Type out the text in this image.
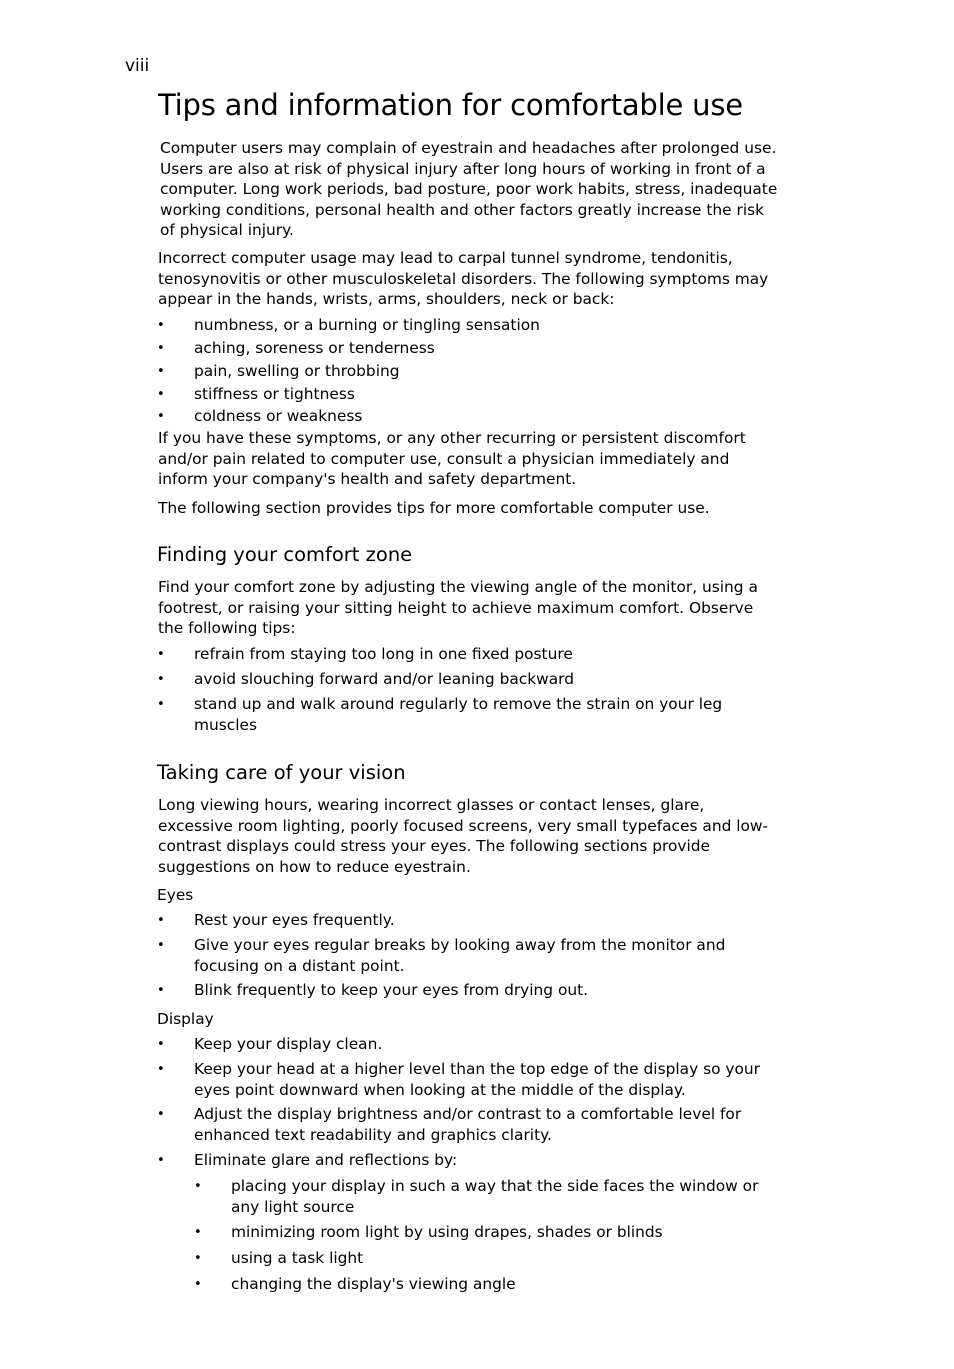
viii
Tips and information for comfortable use

Computer users may complain of eyestrain and headaches after prolonged use. Users are also at risk of physical injury after long hours of working in front of a computer. Long work periods, bad posture, poor work habits, stress, inadequate working conditions, personal health and other factors greatly increase the risk of physical injury.

Incorrect computer usage may lead to carpal tunnel syndrome, tendonitis, tenosynovitis or other musculoskeletal disorders. The following symptoms may appear in the hands, wrists, arms, shoulders, neck or back:

• numbness, or a burning or tingling sensation
• aching, soreness or tenderness
• pain, swelling or throbbing
• stiffness or tightness
• coldness or weakness

If you have these symptoms, or any other recurring or persistent discomfort and/or pain related to computer use, consult a physician immediately and inform your company's health and safety department.

The following section provides tips for more comfortable computer use.

Finding your comfort zone

Find your comfort zone by adjusting the viewing angle of the monitor, using a footrest, or raising your sitting height to achieve maximum comfort. Observe the following tips:

• refrain from staying too long in one fixed posture
• avoid slouching forward and/or leaning backward
• stand up and walk around regularly to remove the strain on your leg muscles
Taking care of your vision

Long viewing hours, wearing incorrect glasses or contact lenses, glare, excessive room lighting, poorly focused screens, very small typefaces and low-contrast displays could stress your eyes. The following sections provide suggestions on how to reduce eyestrain.

Eyes
• Rest your eyes frequently.
• Give your eyes regular breaks by looking away from the monitor and focusing on a distant point.
• Blink frequently to keep your eyes from drying out.
Display
• Keep your display clean.
• Keep your head at a higher level than the top edge of the display so your eyes point downward when looking at the middle of the display.
• Adjust the display brightness and/or contrast to a comfortable level for enhanced text readability and graphics clarity.
• Eliminate glare and reflections by:
• placing your display in such a way that the side faces the window or any light source
• minimizing room light by using drapes, shades or blinds
• using a task light
• changing the display's viewing angle
